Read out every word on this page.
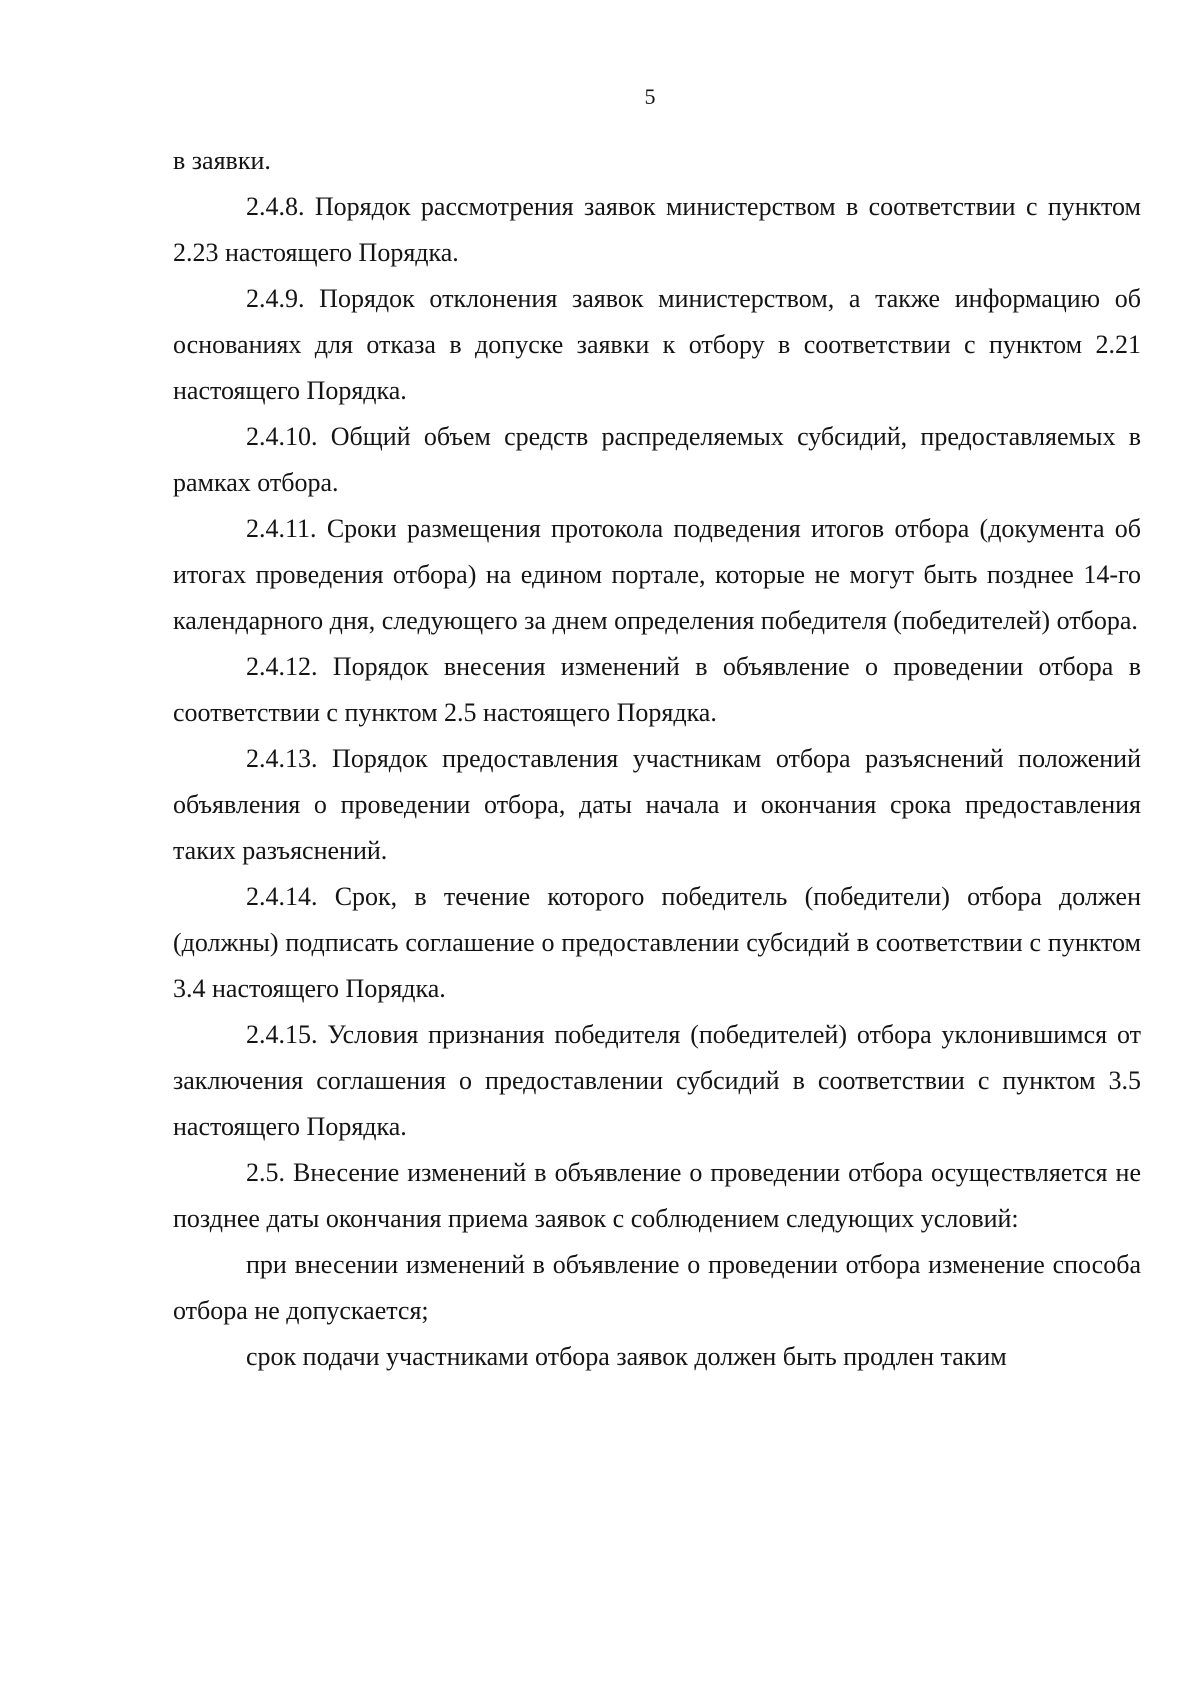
5

в заявки.

2.4.8. Порядок рассмотрения заявок министерством в соответствии с пунктом 2.23 настоящего Порядка.

2.4.9. Порядок отклонения заявок министерством, а также информацию об основаниях для отказа в допуске заявки к отбору в соответствии с пунктом 2.21 настоящего Порядка.

2.4.10. Общий объем средств распределяемых субсидий, предоставляемых в рамках отбора.

2.4.11. Сроки размещения протокола подведения итогов отбора (документа об итогах проведения отбора) на едином портале, которые не могут быть позднее 14-го календарного дня, следующего за днем определения победителя (победителей) отбора.

2.4.12. Порядок внесения изменений в объявление о проведении отбора в соответствии с пунктом 2.5 настоящего Порядка.

2.4.13. Порядок предоставления участникам отбора разъяснений положений объявления о проведении отбора, даты начала и окончания срока предоставления таких разъяснений.

2.4.14. Срок, в течение которого победитель (победители) отбора должен (должны) подписать соглашение о предоставлении субсидий в соответствии с пунктом 3.4 настоящего Порядка.

2.4.15. Условия признания победителя (победителей) отбора уклонившимся от заключения соглашения о предоставлении субсидий в соответствии с пунктом 3.5 настоящего Порядка.

2.5. Внесение изменений в объявление о проведении отбора осуществляется не позднее даты окончания приема заявок с соблюдением следующих условий:

при внесении изменений в объявление о проведении отбора изменение способа отбора не допускается;

срок подачи участниками отбора заявок должен быть продлен таким
